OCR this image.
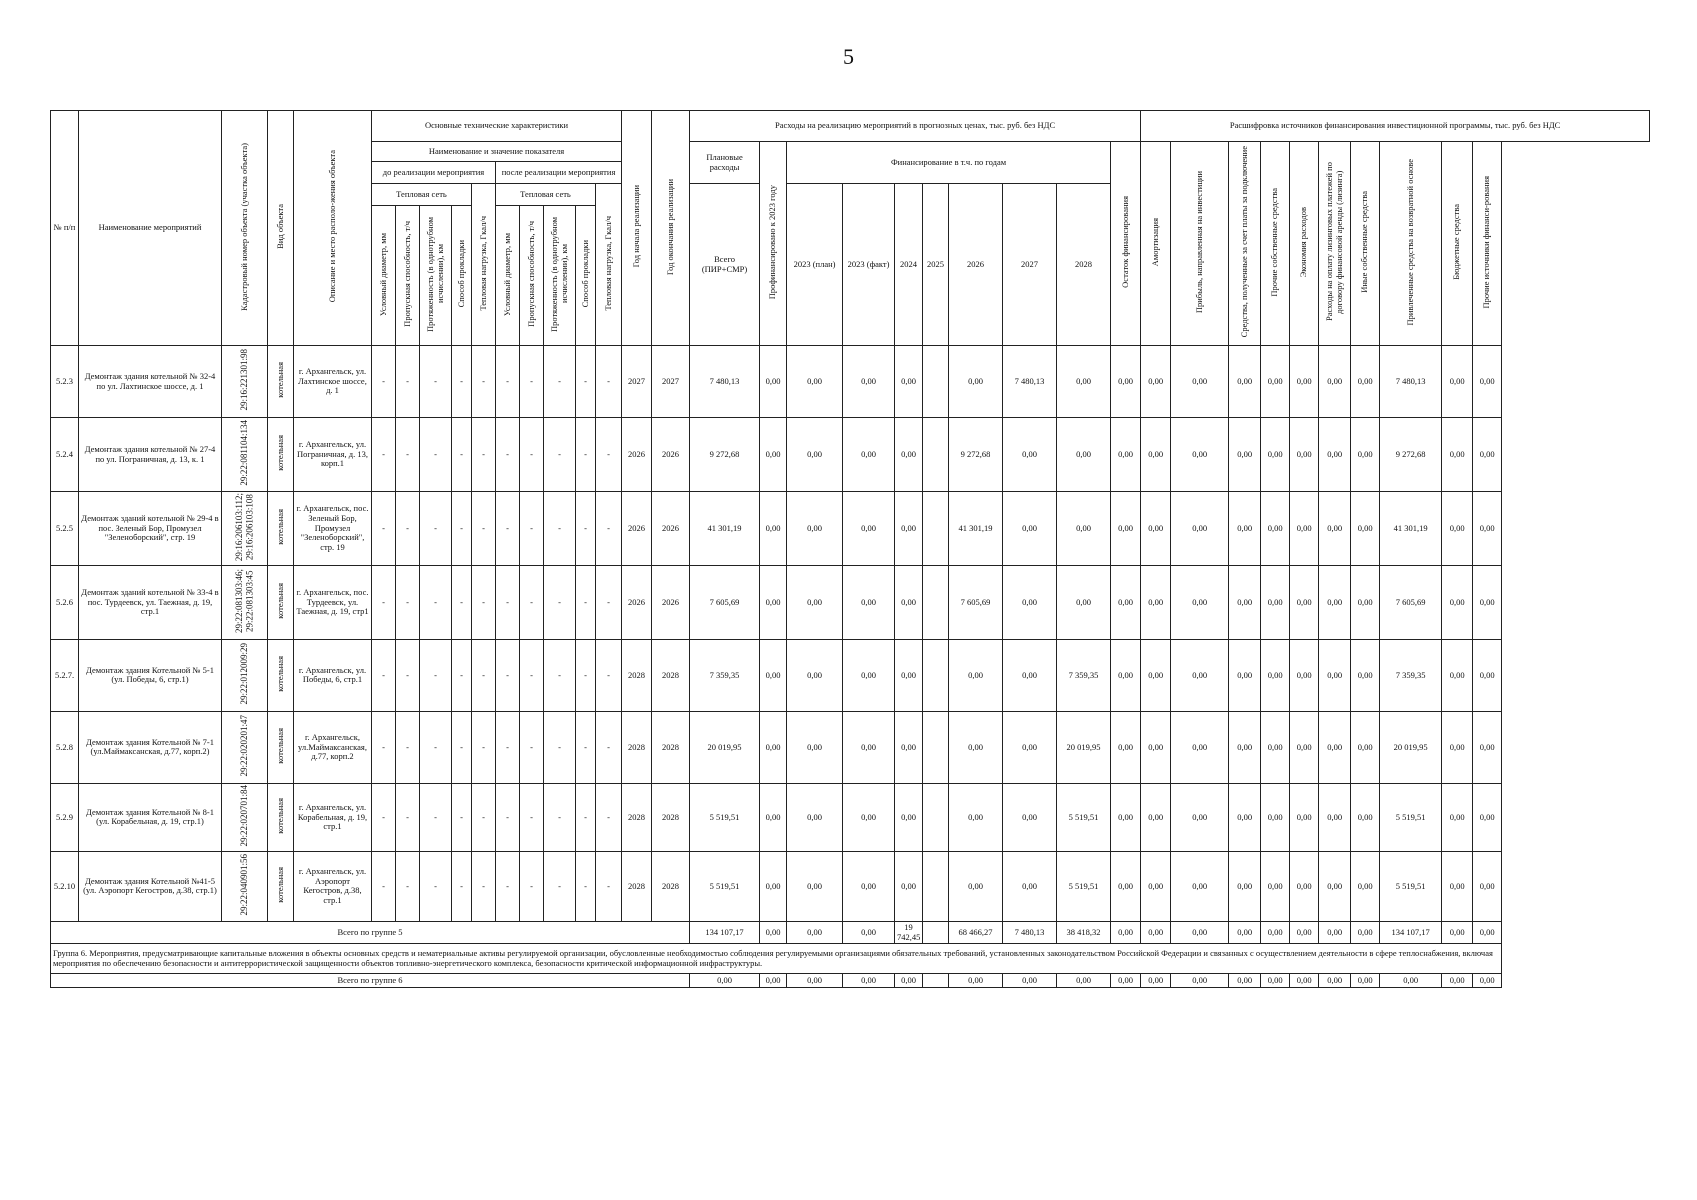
5
№ п/п	Наименование мероприятий	Кадастровый номер объекта (участка объекта)	Вид объекта	Описание и место располо-жения объекта	Основные технические характеристики										Год начала реализации	Год окончания реализации	Расходы на реализацию мероприятий в прогнозных ценах, тыс. руб. без НДС										Расшифровка источников финансирования инвестиционной программы, тыс. руб. без НДС									
					Наименование и значение показателя												Плановые расходы	Профинансировано к 2023 году	Финансирование в т.ч. по годам							Остаток финансирования	Амортизация	Прибыль, направленная на инвестиции	Средства, полученные за счет платы за подключение	Прочие собственные средства	Экономия расходов	Расходы на оплату лизинговых платежей по договору финансовой аренды (лизинга)	Иные собственные средства	Привлеченные средства на возвратной основе	Бюджетные средства	Прочие источники финанси-рования
					до реализации мероприятия					после реализации мероприятия																										
					Тепловая сеть				Тепловая нагрузка, Гкал/ч	Тепловая сеть				Тепловая нагрузка, Гкал/ч			Всего (ПИР+СМР)		2023 (план)	2023 (факт)	2024	2025	2026	2027	2028											
					Условный диаметр, мм	Пропускная способность, т/ч	Протяженность (в однотрубном исчислении), км	Способ прокладки		Условный диаметр, мм	Пропускная способность, т/ч	Протяженность (в однотрубном исчислении), км	Способ прокладки																							
5.2.3	Демонтаж здания котельной № 32-4 по ул. Лахтинское шоссе, д. 1	29:16:221301:98	котельная	г. Архангельск, ул. Лахтинское шоссе, д. 1	-	-	-	-	-	-	-	-	-	-	2027	2027	7 480,13	0,00	0,00	0,00	0,00		0,00	7 480,13	0,00	0,00	0,00	0,00	0,00	0,00	0,00	0,00	0,00	7 480,13	0,00	0,00
5.2.4	Демонтаж здания котельной № 27-4 по ул. Пограничная, д. 13, к. 1	29:22:081104:134	котельная	г. Архангельск, ул. Пограничная, д. 13, корп.1	-	-	-	-	-	-	-	-	-	-	2026	2026	9 272,68	0,00	0,00	0,00	0,00		9 272,68	0,00	0,00	0,00	0,00	0,00	0,00	0,00	0,00	0,00	0,00	9 272,68	0,00	0,00
5.2.5	Демонтаж зданий котельной № 29-4 в пос. Зеленый Бор, Промузел "Зеленоборский", стр. 19	29:16:206103:112;
29:16:206103:108	котельная	г. Архангельск, пос. Зеленый Бор, Промузел "Зеленоборский", стр. 19	-	-	-	-	-	-	-	-	-	-	2026	2026	41 301,19	0,00	0,00	0,00	0,00		41 301,19	0,00	0,00	0,00	0,00	0,00	0,00	0,00	0,00	0,00	0,00	41 301,19	0,00	0,00
5.2.6	Демонтаж зданий котельной № 33-4 в пос. Турдеевск, ул. Таежная, д. 19, стр.1	29:22:081303:46;
29:22:081303:45	котельная	г. Архангельск, пос. Турдеевск, ул. Таежная, д. 19, стр1	-	-	-	-	-	-	-	-	-	-	2026	2026	7 605,69	0,00	0,00	0,00	0,00		7 605,69	0,00	0,00	0,00	0,00	0,00	0,00	0,00	0,00	0,00	0,00	7 605,69	0,00	0,00
5.2.7.	Демонтаж здания Котельной № 5-1 (ул. Победы, 6, стр.1)	29:22:012009:29	котельная	г. Архангельск, ул. Победы, 6, стр.1	-	-	-	-	-	-	-	-	-	-	2028	2028	7 359,35	0,00	0,00	0,00	0,00		0,00	0,00	7 359,35	0,00	0,00	0,00	0,00	0,00	0,00	0,00	0,00	7 359,35	0,00	0,00
5.2.8	Демонтаж здания Котельной № 7-1 (ул.Маймаксанская, д.77, корп.2)	29:22:020201:47	котельная	г. Архангельск, ул.Маймаксанская, д.77, корп.2	-	-	-	-	-	-	-	-	-	-	2028	2028	20 019,95	0,00	0,00	0,00	0,00		0,00	0,00	20 019,95	0,00	0,00	0,00	0,00	0,00	0,00	0,00	0,00	20 019,95	0,00	0,00
5.2.9	Демонтаж здания Котельной № 8-1 (ул. Корабельная, д. 19, стр.1)	29:22:020701:84	котельная	г. Архангельск, ул. Корабельная, д. 19, стр.1	-	-	-	-	-	-	-	-	-	-	2028	2028	5 519,51	0,00	0,00	0,00	0,00		0,00	0,00	5 519,51	0,00	0,00	0,00	0,00	0,00	0,00	0,00	0,00	5 519,51	0,00	0,00
5.2.10	Демонтаж здания Котельной №41-5 (ул. Аэропорт Кегостров, д.38, стр.1)	29:22:040901:56	котельная	г. Архангельск, ул. Аэропорт Кегостров, д.38, стр.1	-	-	-	-	-	-	-	-	-	-	2028	2028	5 519,51	0,00	0,00	0,00	0,00		0,00	0,00	5 519,51	0,00	0,00	0,00	0,00	0,00	0,00	0,00	0,00	5 519,51	0,00	0,00
Всего по группе 5																	134 107,17	0,00	0,00	0,00	19 742,45		68 466,27	7 480,13	38 418,32	0,00	0,00	0,00	0,00	0,00	0,00	0,00	0,00	134 107,17	0,00	0,00
Группа 6. Мероприятия, предусматривающие капитальные вложения в объекты основных средств и нематериальные активы регулируемой организации, обусловленные необходимостью соблюдения регулируемыми организациями обязательных требований, установленных законодательством Российской Федерации и связанных с осуществлением деятельности в сфере теплоснабжения, включая мероприятия по обеспечению безопасности и антитеррористической защищенности объектов топливно-энергетического комплекса, безопасности критической информационной инфраструктуры.																																				
Всего по группе 6																	0,00	0,00	0,00	0,00	0,00		0,00	0,00	0,00	0,00	0,00	0,00	0,00	0,00	0,00	0,00	0,00	0,00	0,00	0,00
